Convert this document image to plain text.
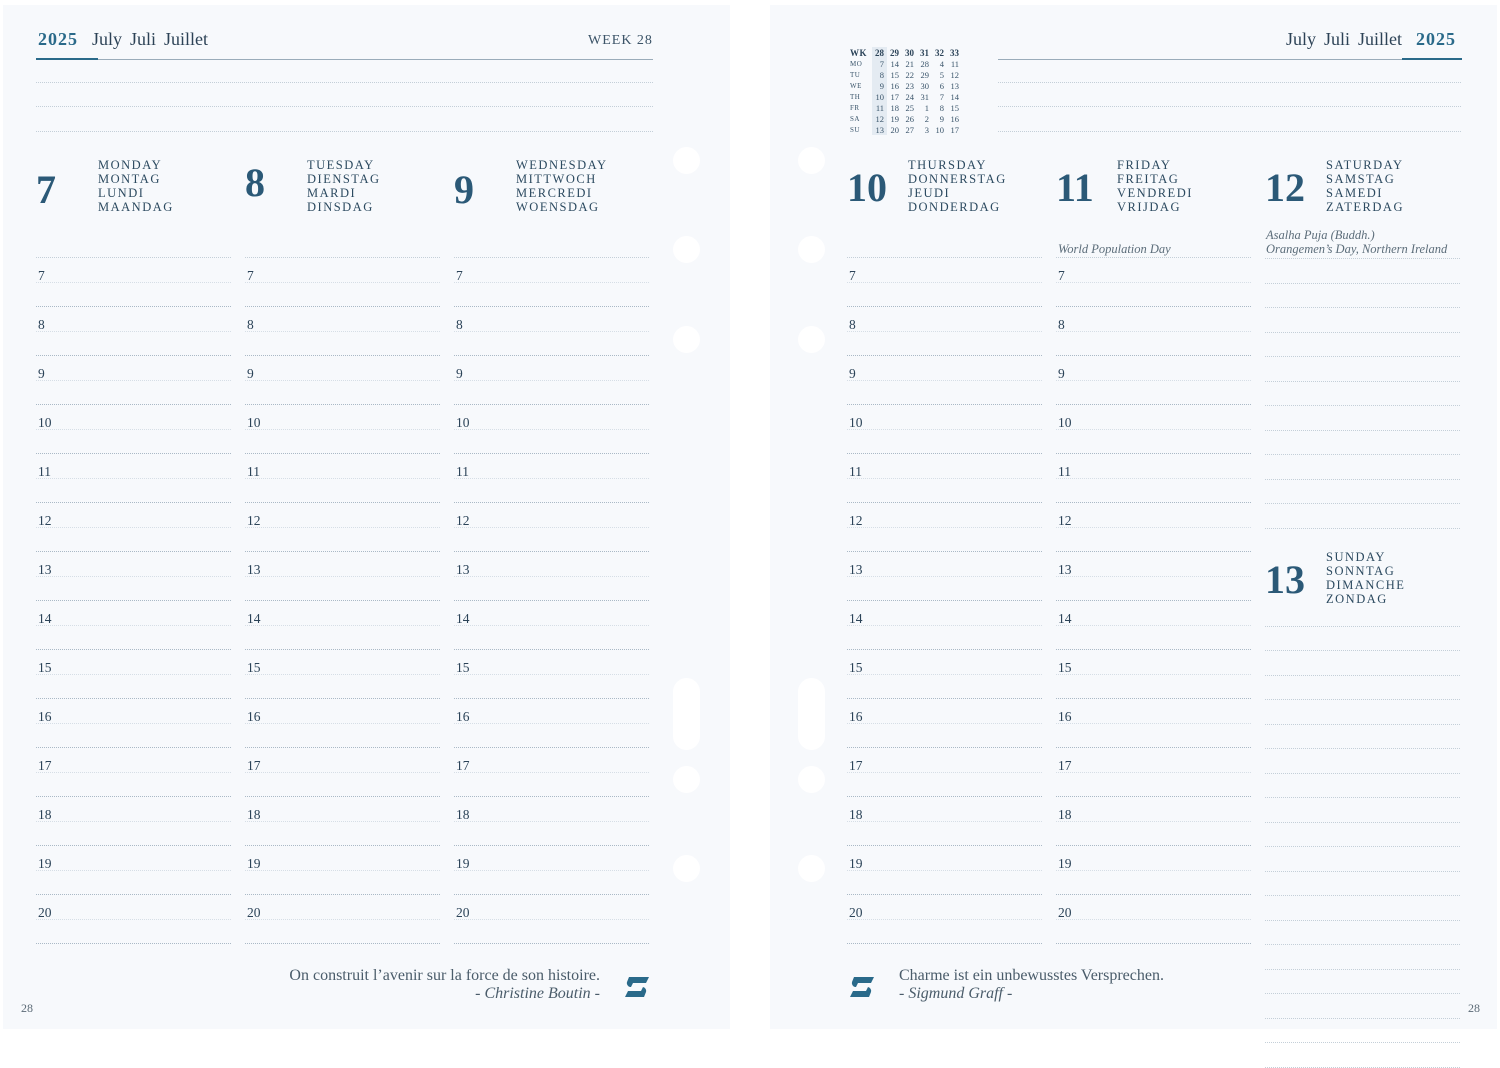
2025 July Juli Juillet	WEEK 28
7
MONDAY
MONTAG
LUNDI
MAANDAG
7
8
9
10
11
12
13
14
15
16
17
18
19
20
8	TUESDAY
DIENSTAG
MARDI
DINSDAG
7
8
9
10
11
12
13
14
15
16
17
18
19
20
9
WEDNESDAY
MITTWOCH
MERCREDI
WOENSDAG
7
8
9
10
11
12
13
14
15
16
17
18
19
20
On construit l’avenir sur la force de son histoire.
- Christine Boutin -
28
WK	28	29	30	31	32	33
MO	7	14	21	28	4	11
TU	8	15	22	29	5	12
WE	9	16	23	30	6	13
TH	10	17	24	31	7	14
FR	11	18	25	1	8	15
SA	12	19	26	2	9	16
SU	13	20	27	3	10	17
July Juli Juillet 2025
10 THURSDAY
DONNERSTAG
JEUDI
DONDERDAG
7
8
9
10
11
12
13
14
15
16
17
18
19
20
11 FRIDAY
FREITAG
VENDREDI
VRIJDAG
World Population Day
7
8
9
10
11
12
13
14
15
16
17
18
19
20
12 SATURDAY
SAMSTAG
SAMEDI
ZATERDAG
Asalha Puja (Buddh.)
Orangemen’s Day, Northern Ireland
13 SUNDAY
SONNTAG
DIMANCHE
ZONDAG
Charme ist ein unbewusstes Versprechen.
- Sigmund Graff -
28
